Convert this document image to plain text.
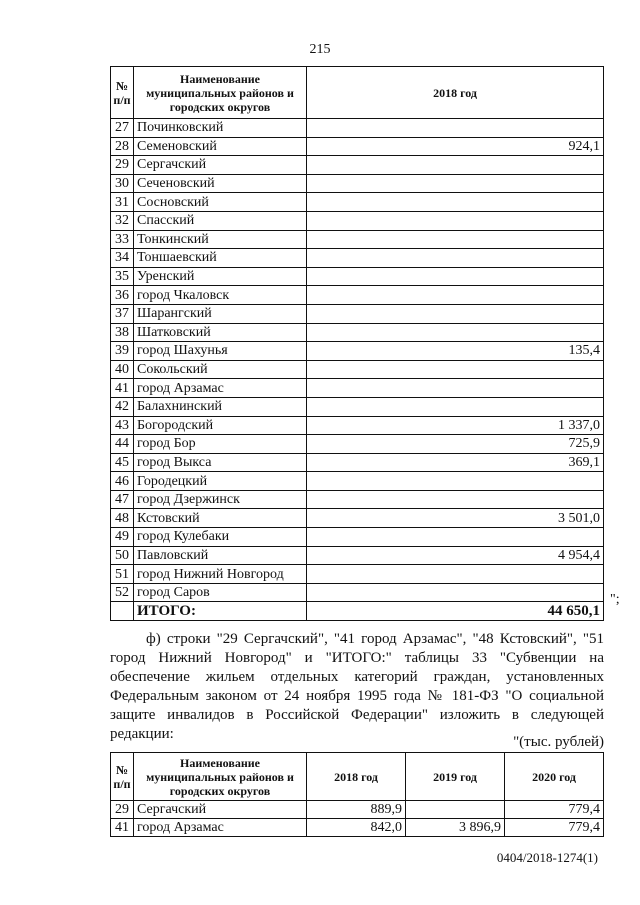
215
№ п/п	Наименование муниципальных районов и городских округов	2018 год
27	Починковский	
28	Семеновский	924,1
29	Сергачский	
30	Сеченовский	
31	Сосновский	
32	Спасский	
33	Тонкинский	
34	Тоншаевский	
35	Уренский	
36	город Чкаловск	
37	Шарангский	
38	Шатковский	
39	город Шахунья	135,4
40	Сокольский	
41	город Арзамас	
42	Балахнинский	
43	Богородский	1 337,0
44	город Бор	725,9
45	город Выкса	369,1
46	Городецкий	
47	город Дзержинск	
48	Кстовский	3 501,0
49	город Кулебаки	
50	Павловский	4 954,4
51	город Нижний Новгород	
52	город Саров	
	ИТОГО:	44 650,1
";

ф) строки "29 Сергачский", "41 город Арзамас", "48 Кстовский", "51 город Нижний Новгород" и "ИТОГО:" таблицы 33 "Субвенции на обеспечение жильем отдельных категорий граждан, установленных Федеральным законом от 24 ноября 1995 года № 181-ФЗ "О социальной защите инвалидов в Российской Федерации" изложить в следующей редакции:	"(тыс. рублей)
№ п/п	Наименование муниципальных районов и городских округов	2018 год	2019 год	2020 год
29	Сергачский	889,9		779,4
41	город Арзамас	842,0	3 896,9	779,4
0404/2018-1274(1)
